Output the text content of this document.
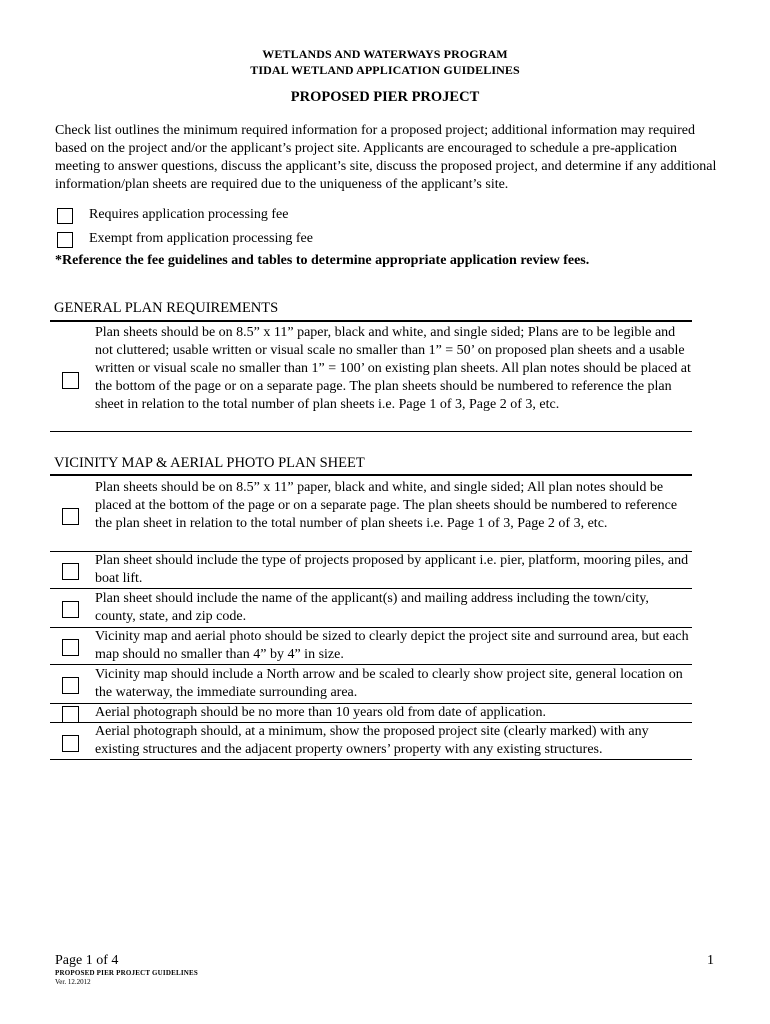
WETLANDS AND WATERWAYS PROGRAM
TIDAL WETLAND APPLICATION GUIDELINES
PROPOSED PIER PROJECT

Check list outlines the minimum required information for a proposed project; additional information may required based on the project and/or the applicant’s project site. Applicants are encouraged to schedule a pre-application meeting to answer questions, discuss the applicant’s site, discuss the proposed project, and determine if any additional information/plan sheets are required due to the uniqueness of the applicant’s site.

Requires application processing fee
Exempt from application processing fee
*Reference the fee guidelines and tables to determine appropriate application review fees.
GENERAL PLAN REQUIREMENTS
Plan sheets should be on 8.5” x 11” paper, black and white, and single sided; Plans are to be legible and not cluttered; usable written or visual scale no smaller than 1” = 50’ on proposed plan sheets and a usable written or visual scale no smaller than 1” = 100’ on existing plan sheets. All plan notes should be placed at the bottom of the page or on a separate page. The plan sheets should be numbered to reference the plan sheet in relation to the total number of plan sheets i.e. Page 1 of 3, Page 2 of 3, etc.
VICINITY MAP & AERIAL PHOTO PLAN SHEET
Plan sheets should be on 8.5” x 11” paper, black and white, and single sided; All plan notes should be placed at the bottom of the page or on a separate page. The plan sheets should be numbered to reference the plan sheet in relation to the total number of plan sheets i.e. Page 1 of 3, Page 2 of 3, etc.
Plan sheet should include the type of projects proposed by applicant i.e. pier, platform, mooring piles, and boat lift.
Plan sheet should include the name of the applicant(s) and mailing address including the town/city, county, state, and zip code.
Vicinity map and aerial photo should be sized to clearly depict the project site and surround area, but each map should no smaller than 4” by 4” in size.
Vicinity map should include a North arrow and be scaled to clearly show project site, general location on the waterway, the immediate surrounding area.
Aerial photograph should be no more than 10 years old from date of application.
Aerial photograph should, at a minimum, show the proposed project site (clearly marked) with any existing structures and the adjacent property owners’ property with any existing structures.
Page 1 of 4	1
PROPOSED PIER PROJECT GUIDELINES
Ver. 12.2012
